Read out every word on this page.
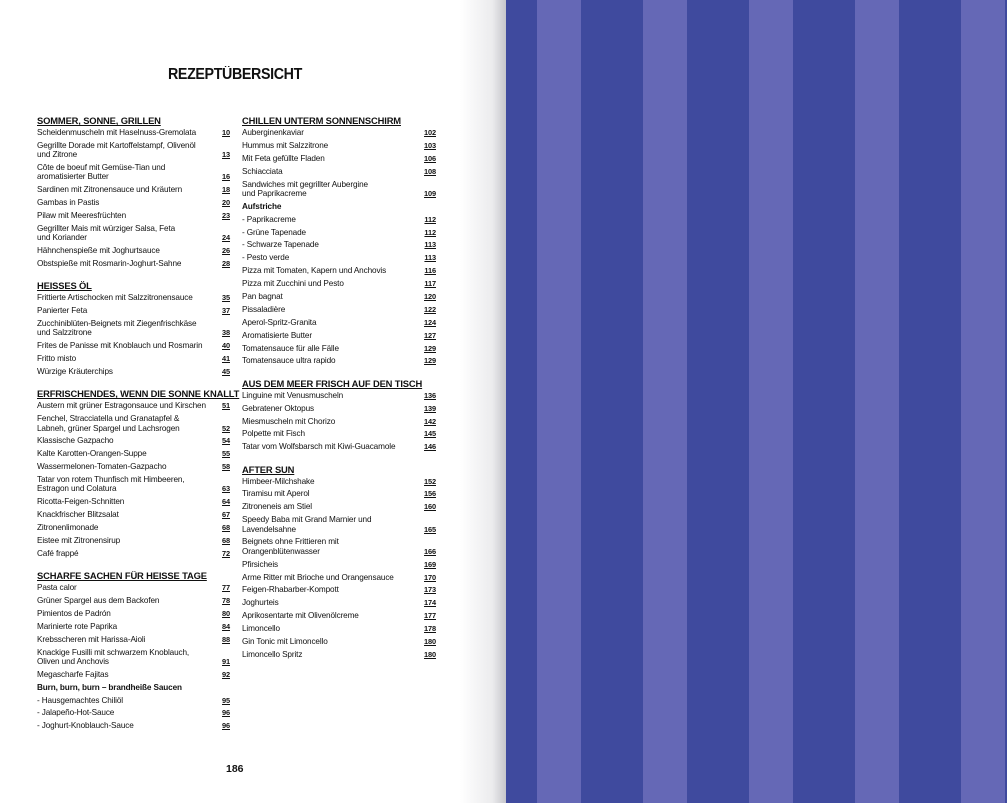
REZEPTÜBERSICHT
SOMMER, SONNE, GRILLEN
Scheidenmuscheln mit Haselnuss-Gremolata	10
Gegrillte Dorade mit Kartoffelstampf, Olivenöl
und Zitrone	13
Côte de boeuf mit Gemüse-Tian und
aromatisierter Butter	16
Sardinen mit Zitronensauce und Kräutern	18
Gambas in Pastis	20
Pilaw mit Meeresfrüchten	23
Gegrillter Mais mit würziger Salsa, Feta
und Koriander	24
Hähnchenspieße mit Joghurtsauce	26
Obstspieße mit Rosmarin-Joghurt-Sahne	28
HEISSES ÖL
Frittierte Artischocken mit Salzzitronensauce	35
Panierter Feta	37
Zucchiniblüten-Beignets mit Ziegenfrischkäse
und Salzzitrone	38
Frites de Panisse mit Knoblauch und Rosmarin	40
Fritto misto	41
Würzige Kräuterchips	45
ERFRISCHENDES, WENN DIE SONNE KNALLT
Austern mit grüner Estragonsauce und Kirschen	51
Fenchel, Stracciatella und Granatapfel &
Labneh, grüner Spargel und Lachsrogen	52
Klassische Gazpacho	54
Kalte Karotten-Orangen-Suppe	55
Wassermelonen-Tomaten-Gazpacho	58
Tatar von rotem Thunfisch mit Himbeeren,
Estragon und Colatura	63
Ricotta-Feigen-Schnitten	64
Knackfrischer Blitzsalat	67
Zitronenlimonade	68
Eistee mit Zitronensirup	68
Café frappé	72
SCHARFE SACHEN FÜR HEISSE TAGE
Pasta calor	77
Grüner Spargel aus dem Backofen	78
Pimientos de Padrón	80
Marinierte rote Paprika	84
Krebsscheren mit Harissa-Aioli	88
Knackige Fusilli mit schwarzem Knoblauch,
Oliven und Anchovis	91
Megascharfe Fajitas	92
Burn, burn, burn – brandheiße Saucen
- Hausgemachtes Chiliöl	95
- Jalapeño-Hot-Sauce	96
- Joghurt-Knoblauch-Sauce	96
CHILLEN UNTERM SONNENSCHIRM
Auberginenkaviar	102
Hummus mit Salzzitrone	103
Mit Feta gefüllte Fladen	106
Schiacciata	108
Sandwiches mit gegrillter Aubergine
und Paprikacreme	109
Aufstriche
- Paprikacreme	112
- Grüne Tapenade	112
- Schwarze Tapenade	113
- Pesto verde	113
Pizza mit Tomaten, Kapern und Anchovis	116
Pizza mit Zucchini und Pesto	117
Pan bagnat	120
Pissaladière	122
Aperol-Spritz-Granita	124
Aromatisierte Butter	127
Tomatensauce für alle Fälle	129
Tomatensauce ultra rapido	129
AUS DEM MEER FRISCH AUF DEN TISCH
Linguine mit Venusmuscheln	136
Gebratener Oktopus	139
Miesmuscheln mit Chorizo	142
Polpette mit Fisch	145
Tatar vom Wolfsbarsch mit Kiwi-Guacamole	146
AFTER SUN
Himbeer-Milchshake	152
Tiramisu mit Aperol	156
Zitroneneis am Stiel	160
Speedy Baba mit Grand Marnier und
Lavendelsahne	165
Beignets ohne Frittieren mit
Orangenblütenwasser	166
Pfirsicheis	169
Arme Ritter mit Brioche und Orangensauce	170
Feigen-Rhabarber-Kompott	173
Joghurteis	174
Aprikosentarte mit Olivenölcreme	177
Limoncello	178
Gin Tonic mit Limoncello	180
Limoncello Spritz	180
186
